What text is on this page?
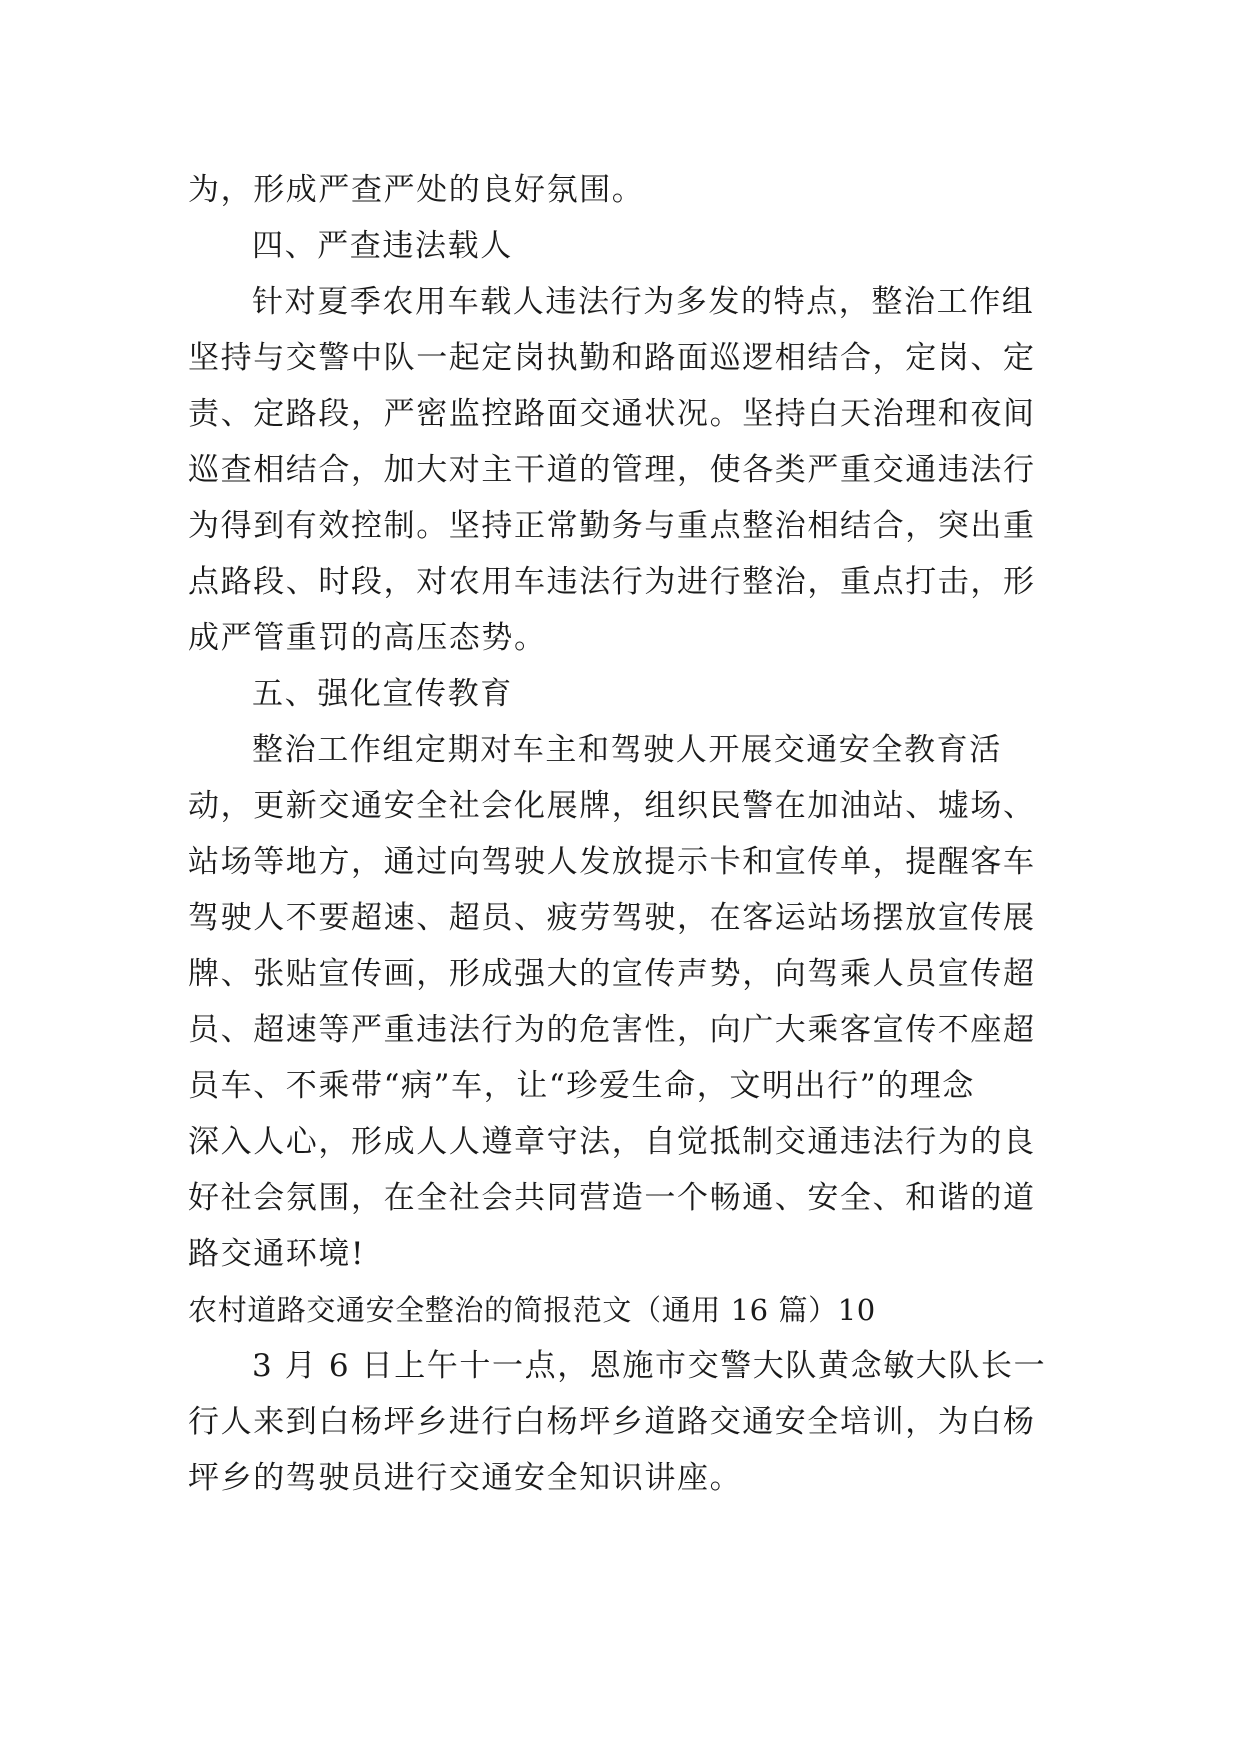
为，形成严查严处的良好氛围。
四、严查违法载人
针对夏季农用车载人违法行为多发的特点，整治工作组
坚持与交警中队一起定岗执勤和路面巡逻相结合，定岗、定
责、定路段，严密监控路面交通状况。坚持白天治理和夜间
巡查相结合，加大对主干道的管理，使各类严重交通违法行
为得到有效控制。坚持正常勤务与重点整治相结合，突出重
点路段、时段，对农用车违法行为进行整治，重点打击，形
成严管重罚的高压态势。
五、强化宣传教育
整治工作组定期对车主和驾驶人开展交通安全教育活
动，更新交通安全社会化展牌，组织民警在加油站、墟场、
站场等地方，通过向驾驶人发放提示卡和宣传单，提醒客车
驾驶人不要超速、超员、疲劳驾驶，在客运站场摆放宣传展
牌、张贴宣传画，形成强大的宣传声势，向驾乘人员宣传超
员、超速等严重违法行为的危害性，向广大乘客宣传不座超
员车、不乘带“病”车，让“珍爱生命，文明出行”的理念
深入人心，形成人人遵章守法，自觉抵制交通违法行为的良
好社会氛围，在全社会共同营造一个畅通、安全、和谐的道
路交通环境!
农村道路交通安全整治的简报范文（通用 16 篇）10
3 月 6 日上午十一点，恩施市交警大队黄念敏大队长一
行人来到白杨坪乡进行白杨坪乡道路交通安全培训，为白杨
坪乡的驾驶员进行交通安全知识讲座。
